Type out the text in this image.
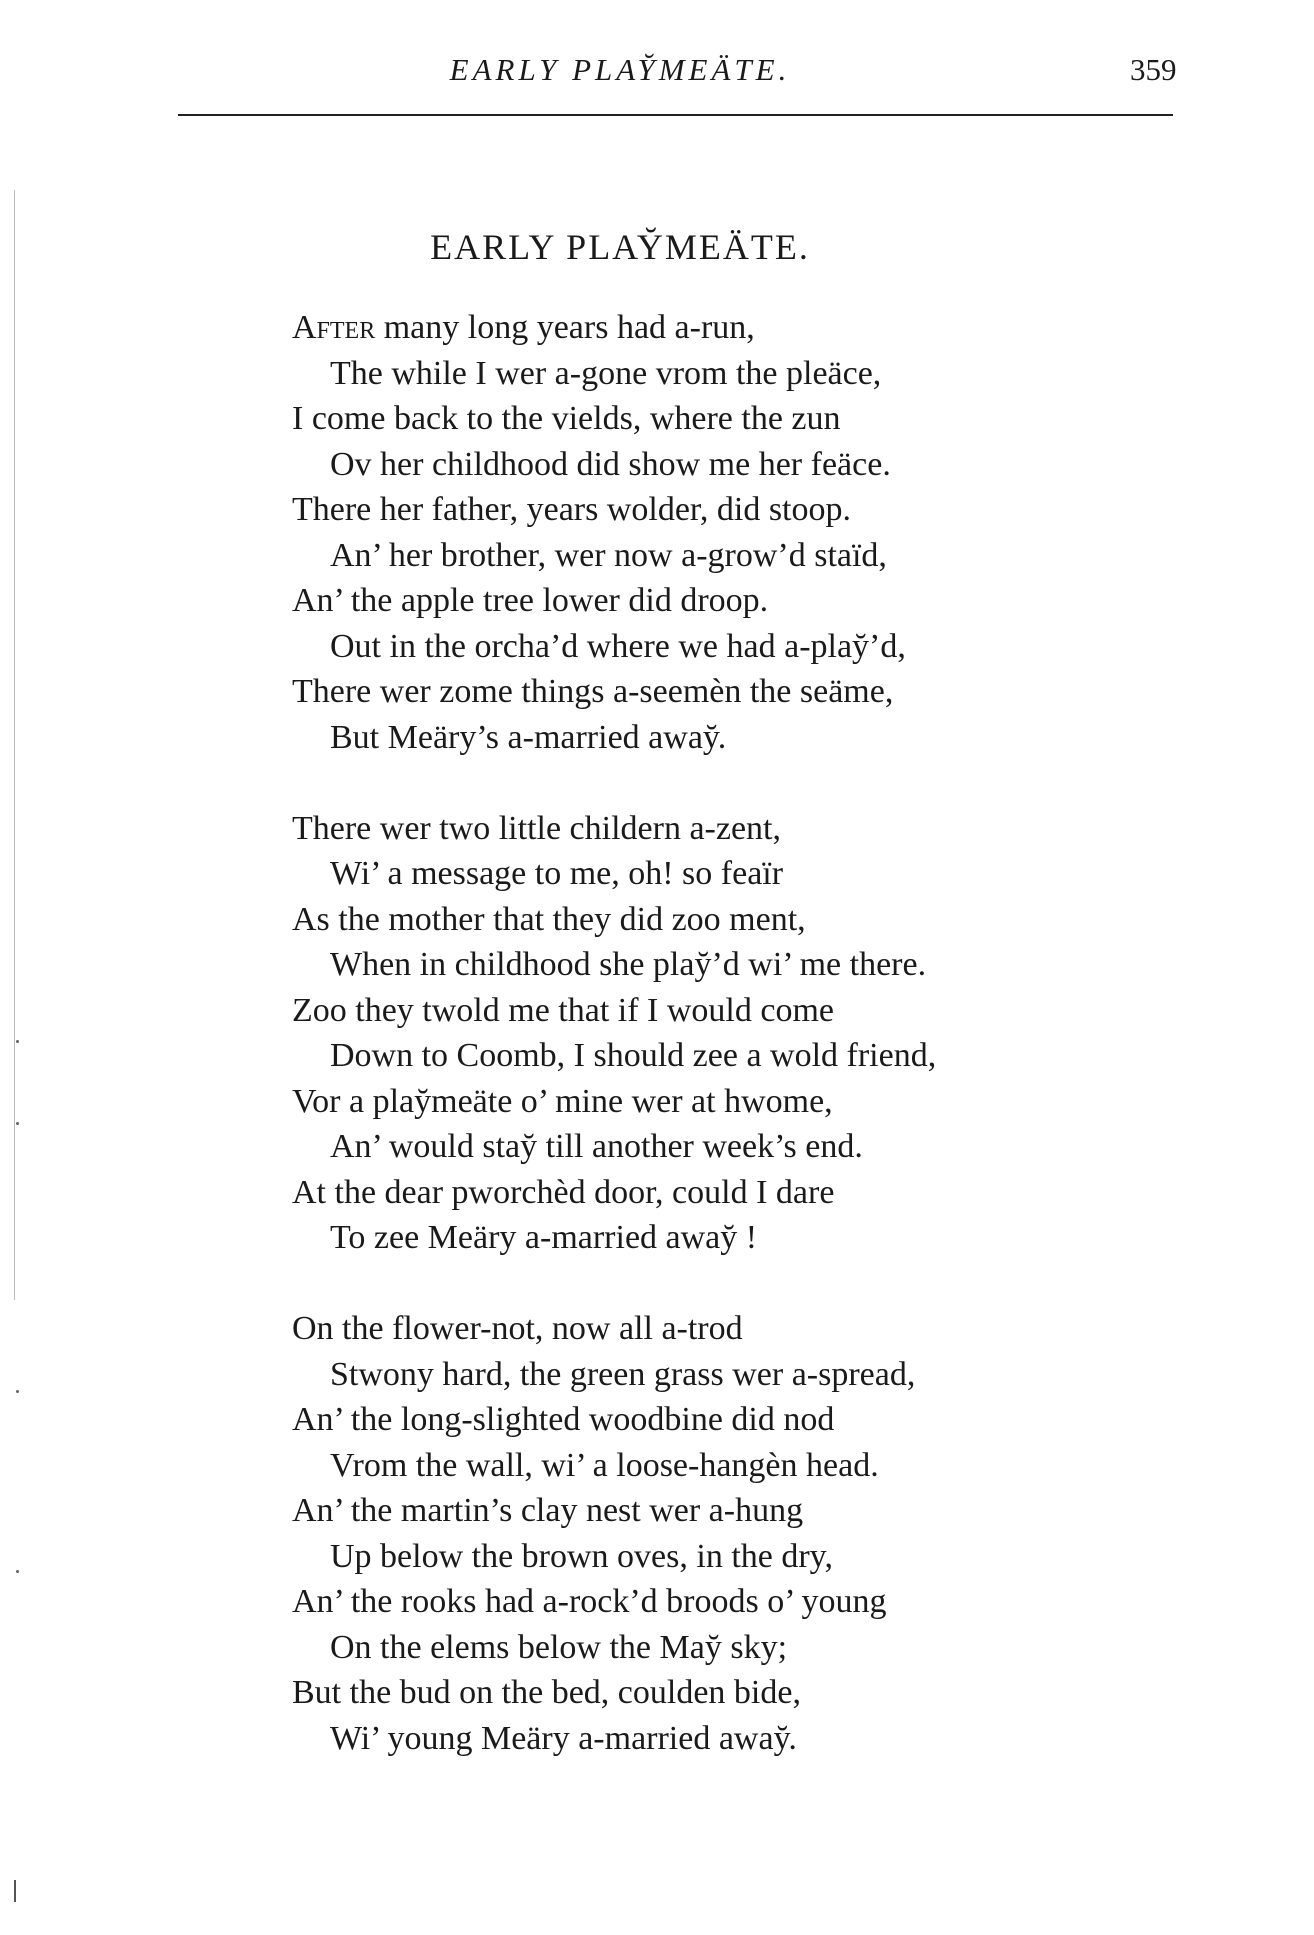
EARLY PLAY̆MEÄTE.	359
EARLY PLAY̆MEÄTE.
After many long years had a-run,
The while I wer a-gone vrom the pleäce,
I come back to the vields, where the zun
Ov her childhood did show me her feäce.
There her father, years wolder, did stoop.
An’ her brother, wer now a-grow’d staïd,
An’ the apple tree lower did droop.
Out in the orcha’d where we had a-play̆’d,
There wer zome things a-seemèn the seäme,
But Meäry’s a-married away̆.
There wer two little childern a-zent,
Wi’ a message to me, oh! so feaïr
As the mother that they did zoo ment,
When in childhood she play̆’d wi’ me there.
Zoo they twold me that if I would come
Down to Coomb, I should zee a wold friend,
Vor a play̆meäte o’ mine wer at hwome,
An’ would stay̆ till another week’s end.
At the dear pworchèd door, could I dare
To zee Meäry a-married away̆ !
On the flower-not, now all a-trod
Stwony hard, the green grass wer a-spread,
An’ the long-slighted woodbine did nod
Vrom the wall, wi’ a loose-hangèn head.
An’ the martin’s clay nest wer a-hung
Up below the brown oves, in the dry,
An’ the rooks had a-rock’d broods o’ young
On the elems below the May̆ sky;
But the bud on the bed, coulden bide,
Wi’ young Meäry a-married away̆.
